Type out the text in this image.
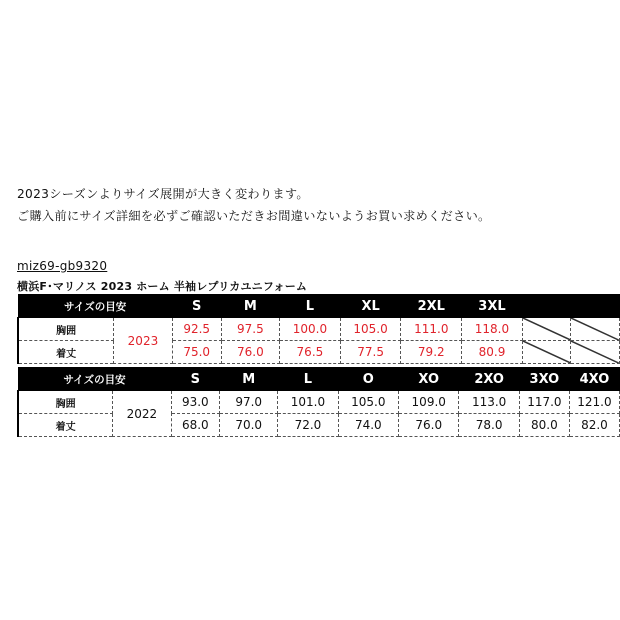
2023シーズンよりサイズ展開が大きく変わります。
ご購入前にサイズ詳細を必ずご確認いただきお間違いないようお買い求めください。
miz69-gb9320
横浜F･マリノス 2023 ホーム 半袖レプリカユニフォーム
サイズの目安		S	M	L	XL	2XL	3XL		
胸囲	2023	92.5	97.5	100.0	105.0	111.0	118.0	

着丈		75.0	76.0	76.5	77.5	79.2	80.9	

サイズの目安		S	M	L	O	XO	2XO	3XO	4XO
胸囲	2022	93.0	97.0	101.0	105.0	109.0	113.0	117.0	121.0
着丈		68.0	70.0	72.0	74.0	76.0	78.0	80.0	82.0
